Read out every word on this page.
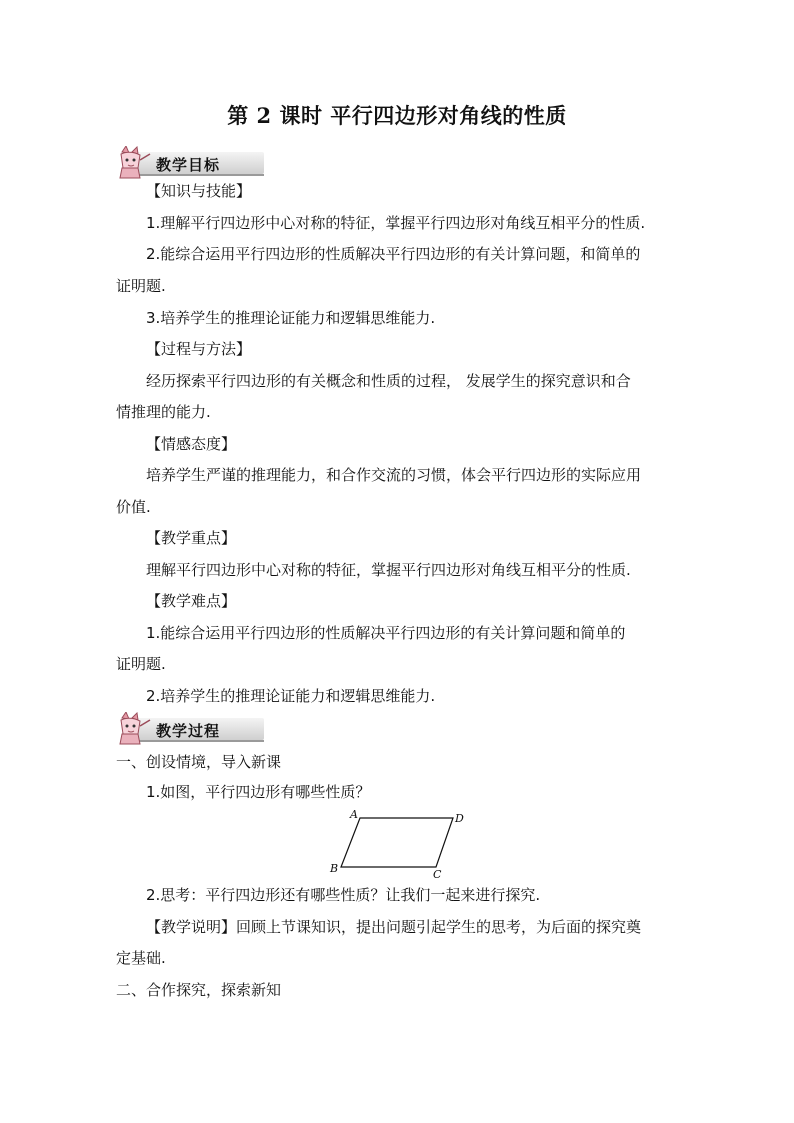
第 2 课时 平行四边形对角线的性质
教学目标
【知识与技能】
1.理解平行四边形中心对称的特征，掌握平行四边形对角线互相平分的性质.
2.能综合运用平行四边形的性质解决平行四边形的有关计算问题，和简单的
证明题.
3.培养学生的推理论证能力和逻辑思维能力.
【过程与方法】
经历探索平行四边形的有关概念和性质的过程， 发展学生的探究意识和合
情推理的能力.
【情感态度】
培养学生严谨的推理能力，和合作交流的习惯，体会平行四边形的实际应用
价值.
【教学重点】
理解平行四边形中心对称的特征，掌握平行四边形对角线互相平分的性质.
【教学难点】
1.能综合运用平行四边形的性质解决平行四边形的有关计算问题和简单的
证明题.
2.培养学生的推理论证能力和逻辑思维能力.
教学过程
一、创设情境，导入新课
1.如图，平行四边形有哪些性质？
A	D
B	C
2.思考：平行四边形还有哪些性质？让我们一起来进行探究.
【教学说明】回顾上节课知识，提出问题引起学生的思考，为后面的探究奠
定基础.
二、合作探究，探索新知
